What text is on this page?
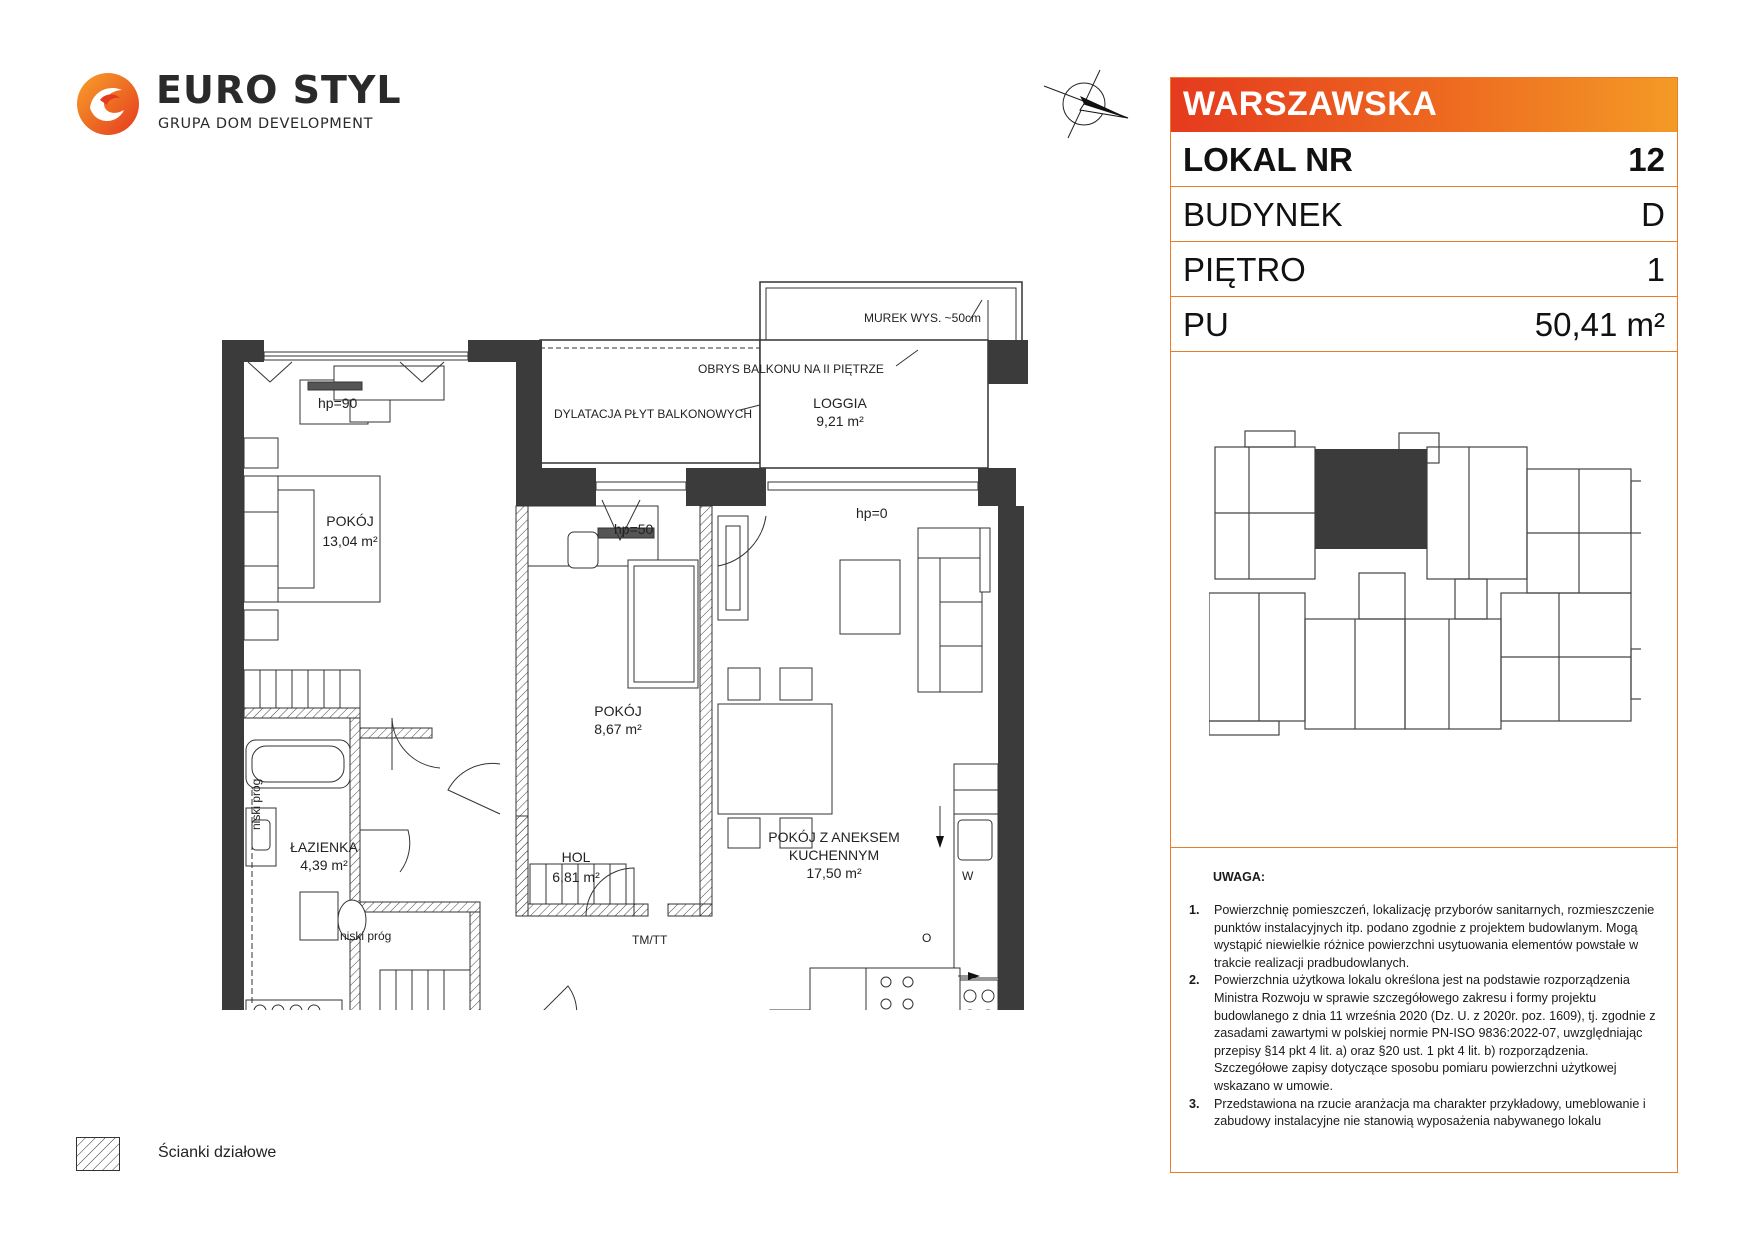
EURO STYL
GRUPA DOM DEVELOPMENT
LOGGIA
9,21 m²
POKÓJ
13,04 m²
POKÓJ
8,67 m²
ŁAZIENKA
4,39 m²	HOL
6,81 m²
POKÓJ Z ANEKSEM
KUCHENNYM
17,50 m²
MUREK WYS. ~50cm
OBRYS BALKONU NA II PIĘTRZE
DYLATACJA PŁYT BALKONOWYCH
hp=90
hp=50
hp=0
niski próg
niski próg	TM/TT
W
O
WARSZAWSKA
LOKAL NR	12
BUDYNEK	D
PIĘTRO	1
PU	50,41 m²
UWAGA:
1. Powierzchnię pomieszczeń, lokalizację przyborów sanitarnych, rozmieszczenie punktów instalacyjnych itp. podano zgodnie z projektem budowlanym. Mogą wystąpić niewielkie różnice powierzchni usytuowania elementów powstałe w trakcie realizacji pradbudowlanych.
2. Powierzchnia użytkowa lokalu określona jest na podstawie rozporządzenia Ministra Rozwoju w sprawie szczegółowego zakresu i formy projektu budowlanego z dnia 11 września 2020 (Dz. U. z 2020r. poz. 1609), tj. zgodnie z zasadami zawartymi w polskiej normie PN-ISO 9836:2022-07, uwzględniając przepisy §14 pkt 4 lit. a) oraz §20 ust. 1 pkt 4 lit. b) rozporządzenia. Szczegółowe zapisy dotyczące sposobu pomiaru powierzchni użytkowej wskazano w umowie.
3. Przedstawiona na rzucie aranżacja ma charakter przykładowy, umeblowanie i zabudowy instalacyjne nie stanowią wyposażenia nabywanego lokalu
Ścianki działowe
